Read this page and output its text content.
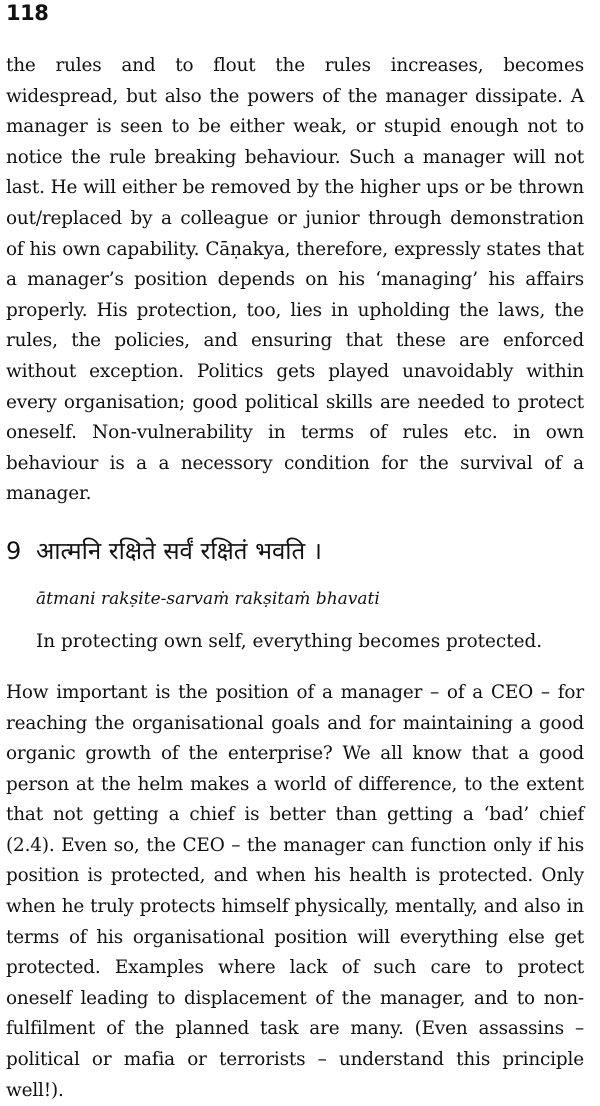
118

the rules and to flout the rules increases, becomes widespread, but also the powers of the manager dissipate. A manager is seen to be either weak, or stupid enough not to notice the rule breaking behaviour. Such a manager will not last. He will either be removed by the higher ups or be thrown out/replaced by a colleague or junior through demonstration of his own capability. Cāṇakya, therefore, expressly states that a manager’s position depends on his ‘managing’ his affairs properly. His protection, too, lies in upholding the laws, the rules, the policies, and ensuring that these are enforced without exception. Politics gets played unavoidably within every organisation; good political skills are needed to protect oneself. Non-vulnerability in terms of rules etc. in own behaviour is a a necessory condition for the survival of a manager.

9 आत्मनि रक्षिते सर्वं रक्षितं भवति ।
ātmani rakṣite-sarvaṁ rakṣitaṁ bhavati
In protecting own self, everything becomes protected.

How important is the position of a manager – of a CEO – for reaching the organisational goals and for maintaining a good organic growth of the enterprise? We all know that a good person at the helm makes a world of difference, to the extent that not getting a chief is better than getting a ‘bad’ chief (2.4). Even so, the CEO – the manager can function only if his position is protected, and when his health is protected. Only when he truly protects himself physically, mentally, and also in terms of his organisational position will everything else get protected. Examples where lack of such care to protect oneself leading to displacement of the manager, and to non-fulfilment of the planned task are many. (Even assassins – political or mafia or terrorists – understand this principle well!).
